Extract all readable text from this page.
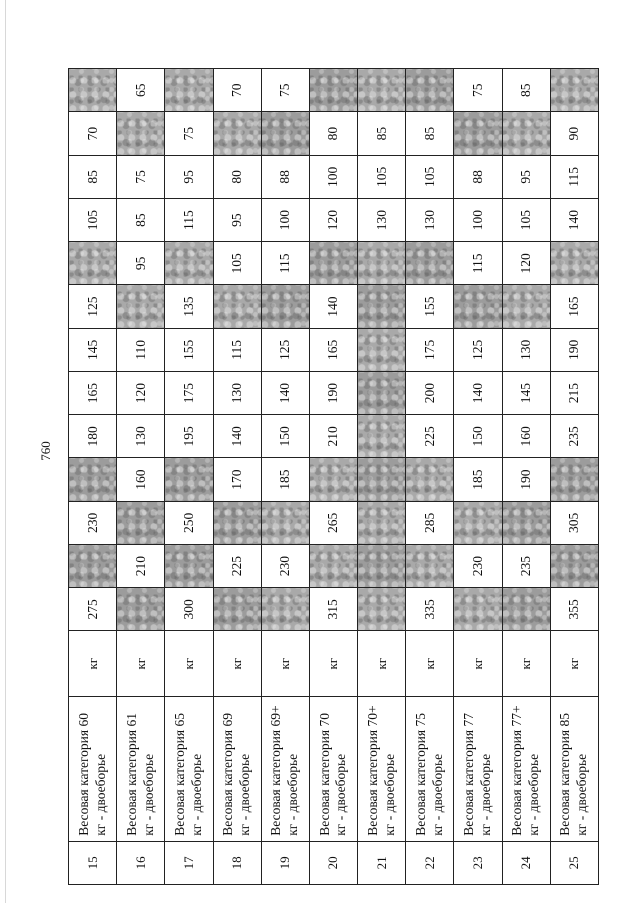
760
15	Весовая категория 60 кг - двоеборье	кг	275		230		180	165	145	125		105	85	70	
16	Весовая категория 61 кг - двоеборье	кг		210		160	130	120	110		95	85	75		65
17	Весовая категория 65 кг - двоеборье	кг	300		250		195	175	155	135		115	95	75	
18	Весовая категория 69 кг - двоеборье	кг		225		170	140	130	115		105	95	80		70
19	Весовая категория 69+ кг - двоеборье	кг		230		185	150	140	125		115	100	88		75
20	Весовая категория 70 кг - двоеборье	кг	315		265		210	190	165	140		120	100	80	
21	Весовая категория 70+ кг - двоеборье	кг										130	105	85	
22	Весовая категория 75 кг - двоеборье	кг	335		285		225	200	175	155		130	105	85	
23	Весовая категория 77 кг - двоеборье	кг		230		185	150	140	125		115	100	88		75
24	Весовая категория 77+ кг - двоеборье	кг		235		190	160	145	130		120	105	95		85
25	Весовая категория 85 кг - двоеборье	кг	355		305		235	215	190	165		140	115	90	
